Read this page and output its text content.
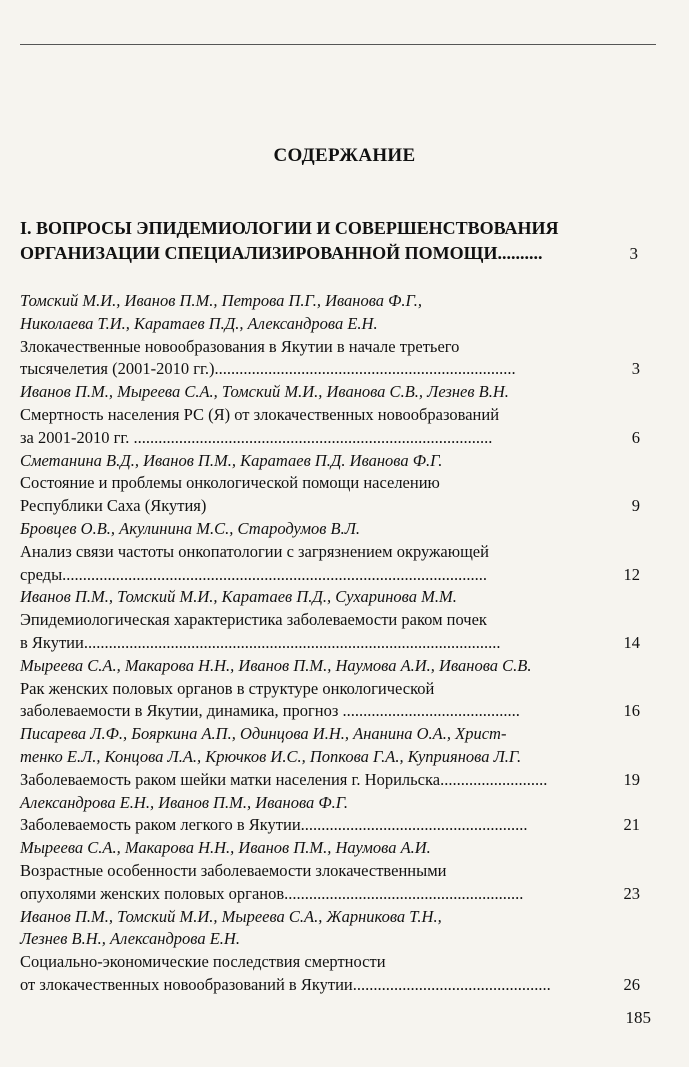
СОДЕРЖАНИЕ
I. ВОПРОСЫ ЭПИДЕМИОЛОГИИ И СОВЕРШЕНСТВОВАНИЯ
ОРГАНИЗАЦИИ СПЕЦИАЛИЗИРОВАННОЙ ПОМОЩИ..........	3
Томский М.И., Иванов П.М., Петрова П.Г., Иванова Ф.Г.,
Николаева Т.И., Каратаев П.Д., Александрова Е.Н.
Злокачественные новообразования в Якутии в начале третьего
тысячелетия (2001-2010 гг.).........................................................................	3
Иванов П.М., Мыреева С.А., Томский М.И., Иванова С.В., Лезнев В.Н.
Смертность населения РС (Я) от злокачественных новообразований
за 2001-2010 гг. .......................................................................................	6
Сметанина В.Д., Иванов П.М., Каратаев П.Д. Иванова Ф.Г.
Состояние и проблемы онкологической помощи населению
Республики Саха (Якутия)	9
Бровцев О.В., Акулинина М.С., Стародумов В.Л.
Анализ связи частоты онкопатологии с загрязнением окружающей
среды.......................................................................................................	12
Иванов П.М., Томский М.И., Каратаев П.Д., Сухаринова М.М.
Эпидемиологическая характеристика заболеваемости раком почек
в Якутии.....................................................................................................	14
Мыреева С.А., Макарова Н.Н., Иванов П.М., Наумова А.И., Иванова С.В.
Рак женских половых органов в структуре онкологической
заболеваемости в Якутии, динамика, прогноз ...........................................	16
Писарева Л.Ф., Бояркина А.П., Одинцова И.Н., Ананина О.А., Христ-
тенко Е.Л., Концова Л.А., Крючков И.С., Попкова Г.А., Куприянова Л.Г.
Заболеваемость раком шейки матки населения г. Норильска..........................	19
Александрова Е.Н., Иванов П.М., Иванова Ф.Г.
Заболеваемость раком легкого в Якутии.......................................................	21
Мыреева С.А., Макарова Н.Н., Иванов П.М., Наумова А.И.
Возрастные особенности заболеваемости злокачественными
опухолями женских половых органов..........................................................	23
Иванов П.М., Томский М.И., Мыреева С.А., Жарникова Т.Н.,
Лезнев В.Н., Александрова Е.Н.
Социально-экономические последствия смертности
от злокачественных новообразований в Якутии................................................	26
185
